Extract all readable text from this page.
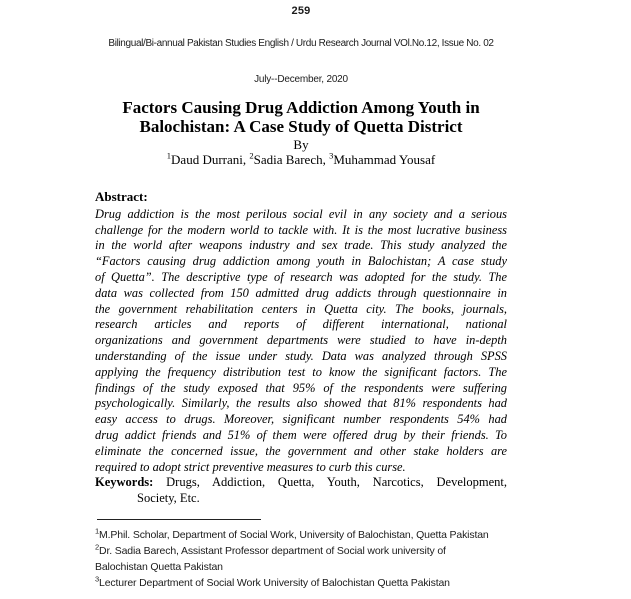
259
Bilingual/Bi-annual Pakistan Studies English / Urdu Research Journal VOl.No.12, Issue No. 02
July--December, 2020
Factors Causing Drug Addiction Among Youth in
Balochistan: A Case Study of Quetta District
By
$^1$Daud Durrani, $^2$Sadia Barech, $^3$Muhammad Yousaf
Abstract:
Drug addiction is the most perilous social evil in any society and a serious
challenge for the modern world to tackle with. It is the most lucrative business
in the world after weapons industry and sex trade. This study analyzed the
“Factors causing drug addiction among youth in Balochistan; A case study
of Quetta”. The descriptive type of research was adopted for the study. The
data was collected from 150 admitted drug addicts through questionnaire in
the government rehabilitation centers in Quetta city. The books, journals,
research articles and reports of different international, national
organizations and government departments were studied to have in-depth
understanding of the issue under study. Data was analyzed through SPSS
applying the frequency distribution test to know the significant factors. The
findings of the study exposed that 95% of the respondents were suffering
psychologically. Similarly, the results also showed that 81% respondents had
easy access to drugs. Moreover, significant number respondents 54% had
drug addict friends and 51% of them were offered drug by their friends. To
eliminate the concerned issue, the government and other stake holders are
required to adopt strict preventive measures to curb this curse.
Keywords: Drugs, Addiction, Quetta, Youth, Narcotics, Development,
Society, Etc.
$^1$M.Phil. Scholar, Department of Social Work, University of Balochistan, Quetta Pakistan
$^2$Dr. Sadia Barech, Assistant Professor department of Social work university of
Balochistan Quetta Pakistan
$^3$Lecturer Department of Social Work University of Balochistan Quetta Pakistan
